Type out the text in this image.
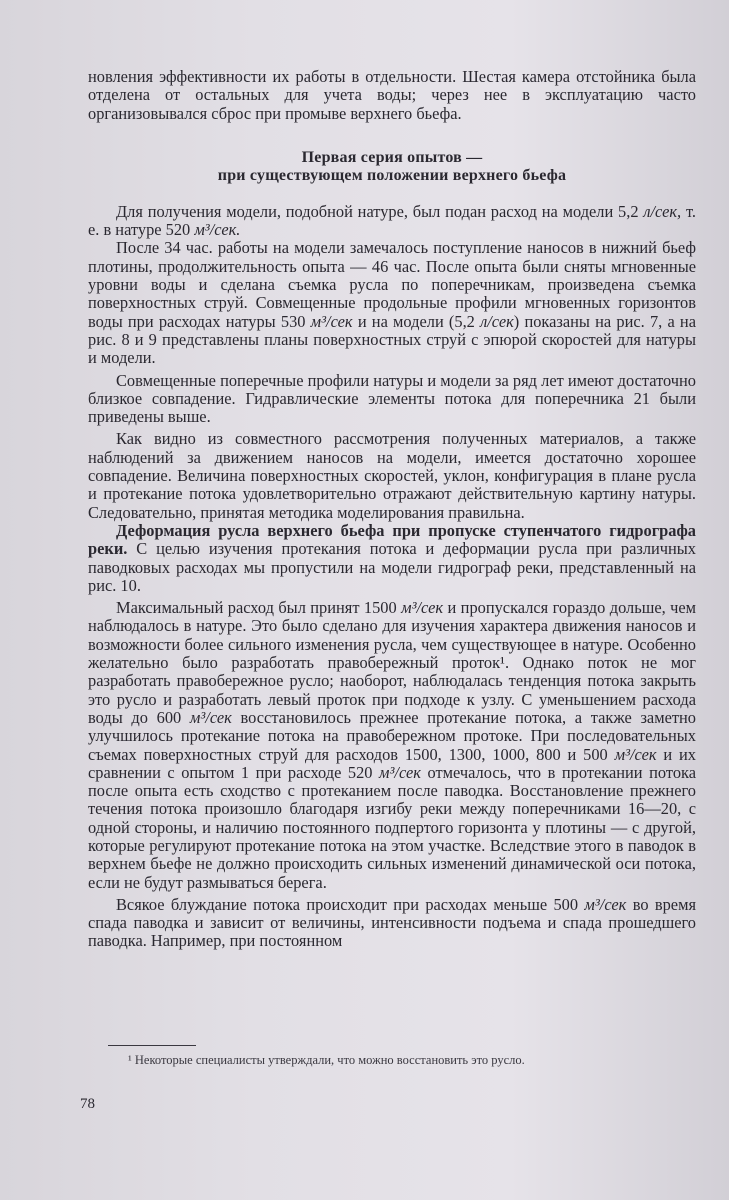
новления эффективности их работы в отдельности. Шестая камера отстойника была отделена от остальных для учета воды; через нее в эксплуатацию часто организовывался сброс при промыве верхнего бьефа.

Первая серия опытов —
при существующем положении верхнего бьефа

Для получения модели, подобной натуре, был подан расход на модели 5,2 л/сек, т. е. в натуре 520 м³/сек.

После 34 час. работы на модели замечалось поступление наносов в нижний бьеф плотины, продолжительность опыта — 46 час. После опыта были сняты мгновенные уровни воды и сделана съемка русла по поперечникам, произведена съемка поверхностных струй. Совмещенные продольные профили мгновенных горизонтов воды при расходах натуры 530 м³/сек и на модели (5,2 л/сек) показаны на рис. 7, а на рис. 8 и 9 представлены планы поверхностных струй с эпюрой скоростей для натуры и модели.

Совмещенные поперечные профили натуры и модели за ряд лет имеют достаточно близкое совпадение. Гидравлические элементы потока для поперечника 21 были приведены выше.

Как видно из совместного рассмотрения полученных материалов, а также наблюдений за движением наносов на модели, имеется достаточно хорошее совпадение. Величина поверхностных скоростей, уклон, конфигурация в плане русла и протекание потока удовлетворительно отражают действительную картину натуры. Следовательно, принятая методика моделирования правильна.

Деформация русла верхнего бьефа при пропуске ступенчатого гидрографа реки. С целью изучения протекания потока и деформации русла при различных паводковых расходах мы пропустили на модели гидрограф реки, представленный на рис. 10.

Максимальный расход был принят 1500 м³/сек и пропускался гораздо дольше, чем наблюдалось в натуре. Это было сделано для изучения характера движения наносов и возможности более сильного изменения русла, чем существующее в натуре. Особенно желательно было разработать правобережный проток¹. Однако поток не мог разработать правобережное русло; наоборот, наблюдалась тенденция потока закрыть это русло и разработать левый проток при подходе к узлу. С уменьшением расхода воды до 600 м³/сек восстановилось прежнее протекание потока, а также заметно улучшилось протекание потока на правобережном протоке. При последовательных съемах поверхностных струй для расходов 1500, 1300, 1000, 800 и 500 м³/сек и их сравнении с опытом 1 при расходе 520 м³/сек отмечалось, что в протекании потока после опыта есть сходство с протеканием после паводка. Восстановление прежнего течения потока произошло благодаря изгибу реки между поперечниками 16—20, с одной стороны, и наличию постоянного подпертого горизонта у плотины — с другой, которые регулируют протекание потока на этом участке. Вследствие этого в паводок в верхнем бьефе не должно происходить сильных изменений динамической оси потока, если не будут размываться берега.

Всякое блуждание потока происходит при расходах меньше 500 м³/сек во время спада паводка и зависит от величины, интенсивности подъема и спада прошедшего паводка. Например, при постоянном

¹ Некоторые специалисты утверждали, что можно восстановить это русло.
78
